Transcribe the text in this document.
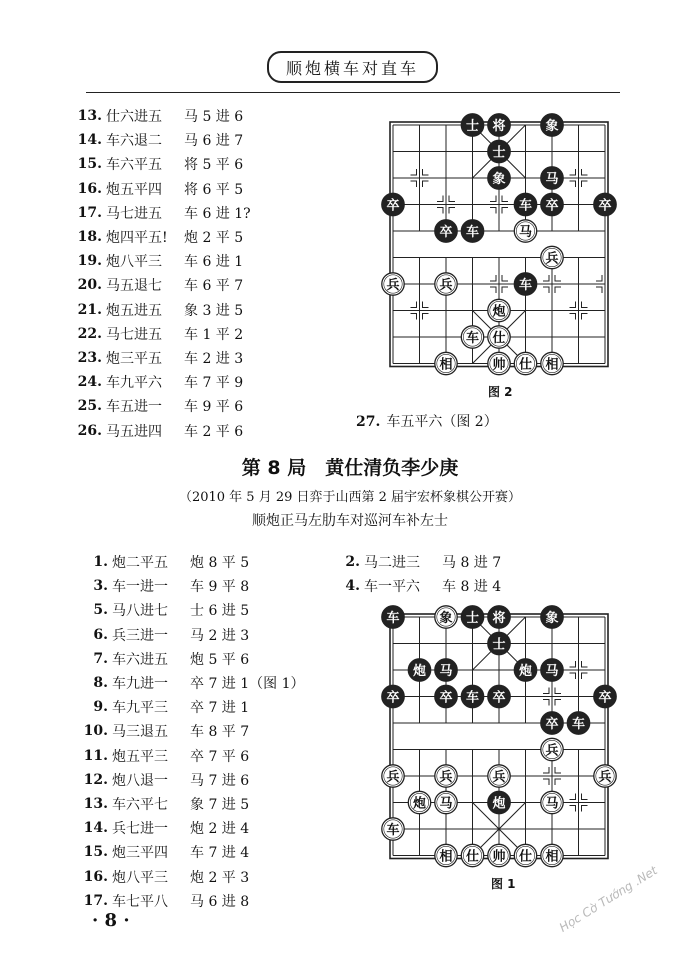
顺炮横车对直车
13. 仕六进五	马 5 进 6
14. 车六退二	马 6 进 7
15. 车六平五	将 5 平 6
16. 炮五平四	将 6 平 5
17. 马七进五	车 6 进 1?
18. 炮四平五!	炮 2 平 5
19. 炮八平三	车 6 进 1
20. 马五退七	车 6 平 7
21. 炮五进五	象 3 进 5
22. 马七进五	车 1 平 2
23. 炮三平五	车 2 进 3
24. 车九平六	车 7 平 9
25. 车五进一	车 9 平 6
26. 马五进四	车 2 平 6
士 将	象
士
象	马
卒	车 卒	卒
卒 车	马
兵
兵	兵	车
炮
车 仕
相	帅 仕 相
图 2
27. 车五平六（图 2）
第 8 局　黄仕清负李少庚
（2010 年 5 月 29 日弈于山西第 2 届宇宏杯象棋公开赛）
顺炮正马左肋车对巡河车补左士
1. 炮二平五	炮 8 平 5
3. 车一进一	车 9 平 8
5. 马八进七	士 6 进 5
6. 兵三进一	马 2 进 3
7. 车六进五	炮 5 平 6
8. 车九进一	卒 7 进 1（图 1）
9. 车九平三	卒 7 进 1
10. 马三退五	车 8 平 7
11. 炮五平三	卒 7 平 6
12. 炮八退一	马 7 进 6
13. 车六平七	象 7 进 5
14. 兵七进一	炮 2 进 4
15. 炮三平四	车 7 进 4
16. 炮八平三	炮 2 平 3
17. 车七平八	马 6 进 8
2. 马二进三	马 8 进 7
4. 车一平六	车 8 进 4
车	象 士 将	象
士
炮 马	炮 马
卒	卒 车 卒	卒
卒 车
兵
兵	兵	兵	兵
炮 马	炮	马
车
相 仕 帅 仕 相
图 1
· 8 ·	Học Cờ Tướng .Net
